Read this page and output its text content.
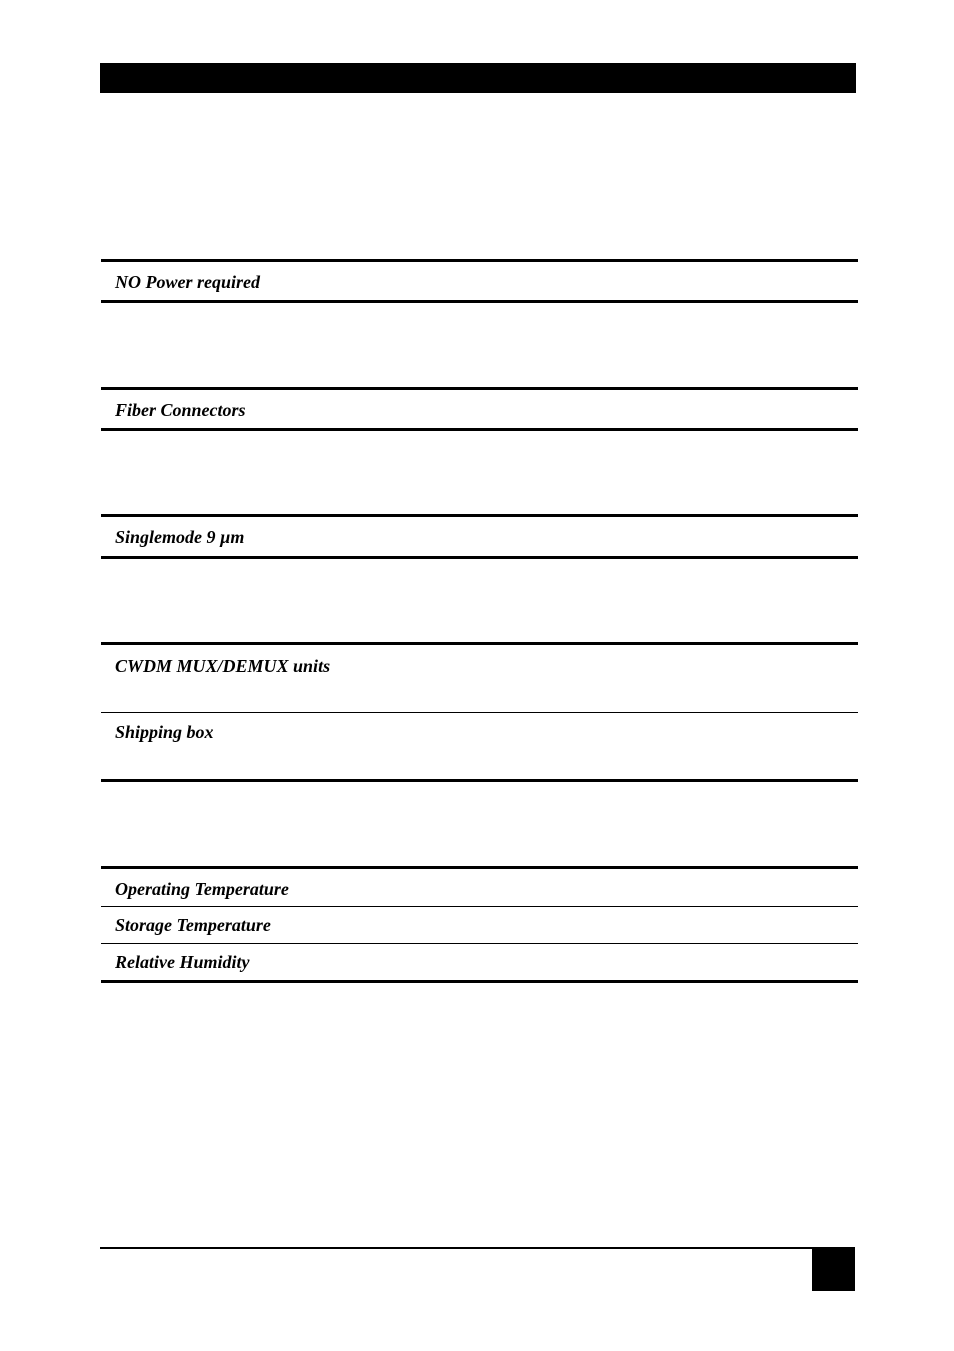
NO Power required
Fiber Connectors
Singlemode 9 µm
CWDM MUX/DEMUX units
Shipping box
Operating Temperature
Storage Temperature
Relative Humidity
